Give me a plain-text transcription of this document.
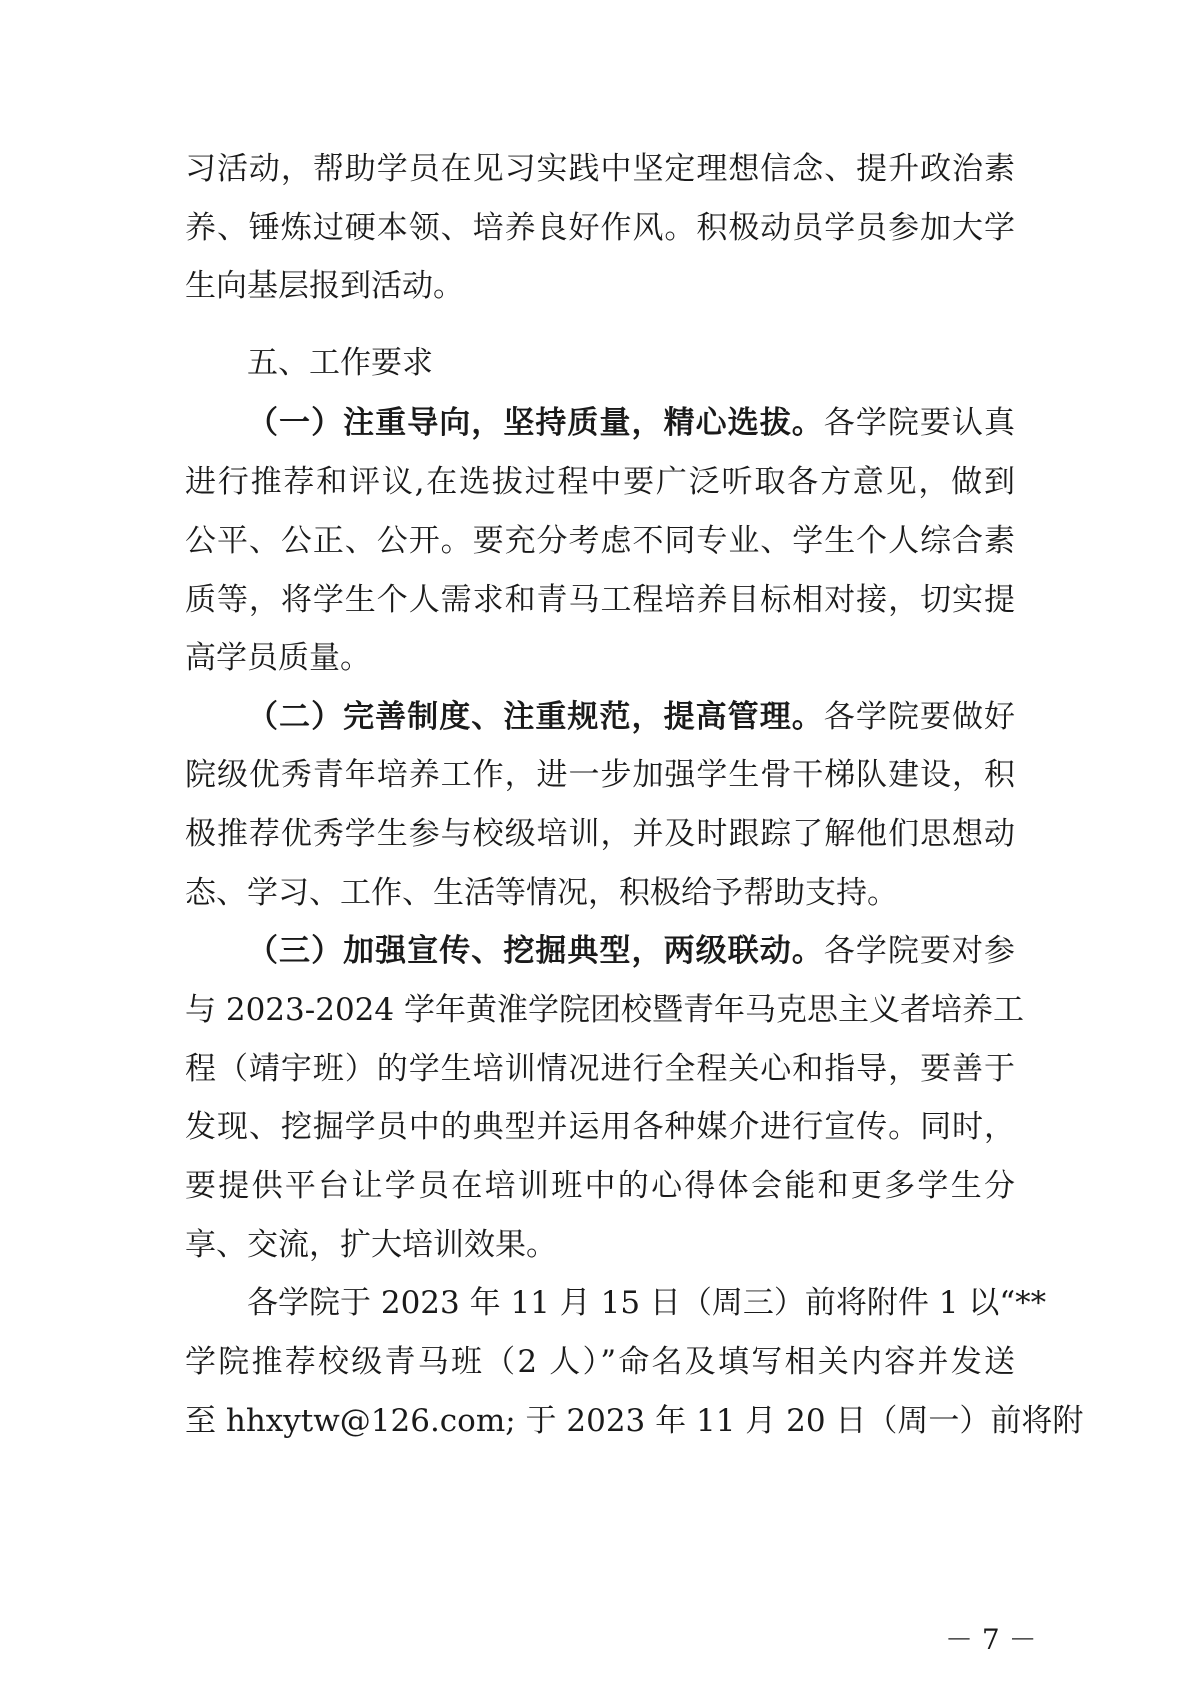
习活动，帮助学员在见习实践中坚定理想信念、提升政治素
养、锤炼过硬本领、培养良好作风。积极动员学员参加大学
生向基层报到活动。
五、工作要求
（一）注重导向，坚持质量，精心选拔。各学院要认真
进行推荐和评议,在选拔过程中要广泛听取各方意见，做到
公平、公正、公开。要充分考虑不同专业、学生个人综合素
质等，将学生个人需求和青马工程培养目标相对接，切实提
高学员质量。
（二）完善制度、注重规范，提高管理。各学院要做好
院级优秀青年培养工作，进一步加强学生骨干梯队建设，积
极推荐优秀学生参与校级培训，并及时跟踪了解他们思想动
态、学习、工作、生活等情况，积极给予帮助支持。
（三）加强宣传、挖掘典型，两级联动。各学院要对参
与 2023-2024 学年黄淮学院团校暨青年马克思主义者培养工
程（靖宇班）的学生培训情况进行全程关心和指导，要善于
发现、挖掘学员中的典型并运用各种媒介进行宣传。同时，
要提供平台让学员在培训班中的心得体会能和更多学生分
享、交流，扩大培训效果。
各学院于 2023 年 11 月 15 日（周三）前将附件 1 以“**
学院推荐校级青马班（2 人）”命名及填写相关内容并发送
至 hhxytw@126.com; 于 2023 年 11 月 20 日（周一）前将附
－ 7 －
